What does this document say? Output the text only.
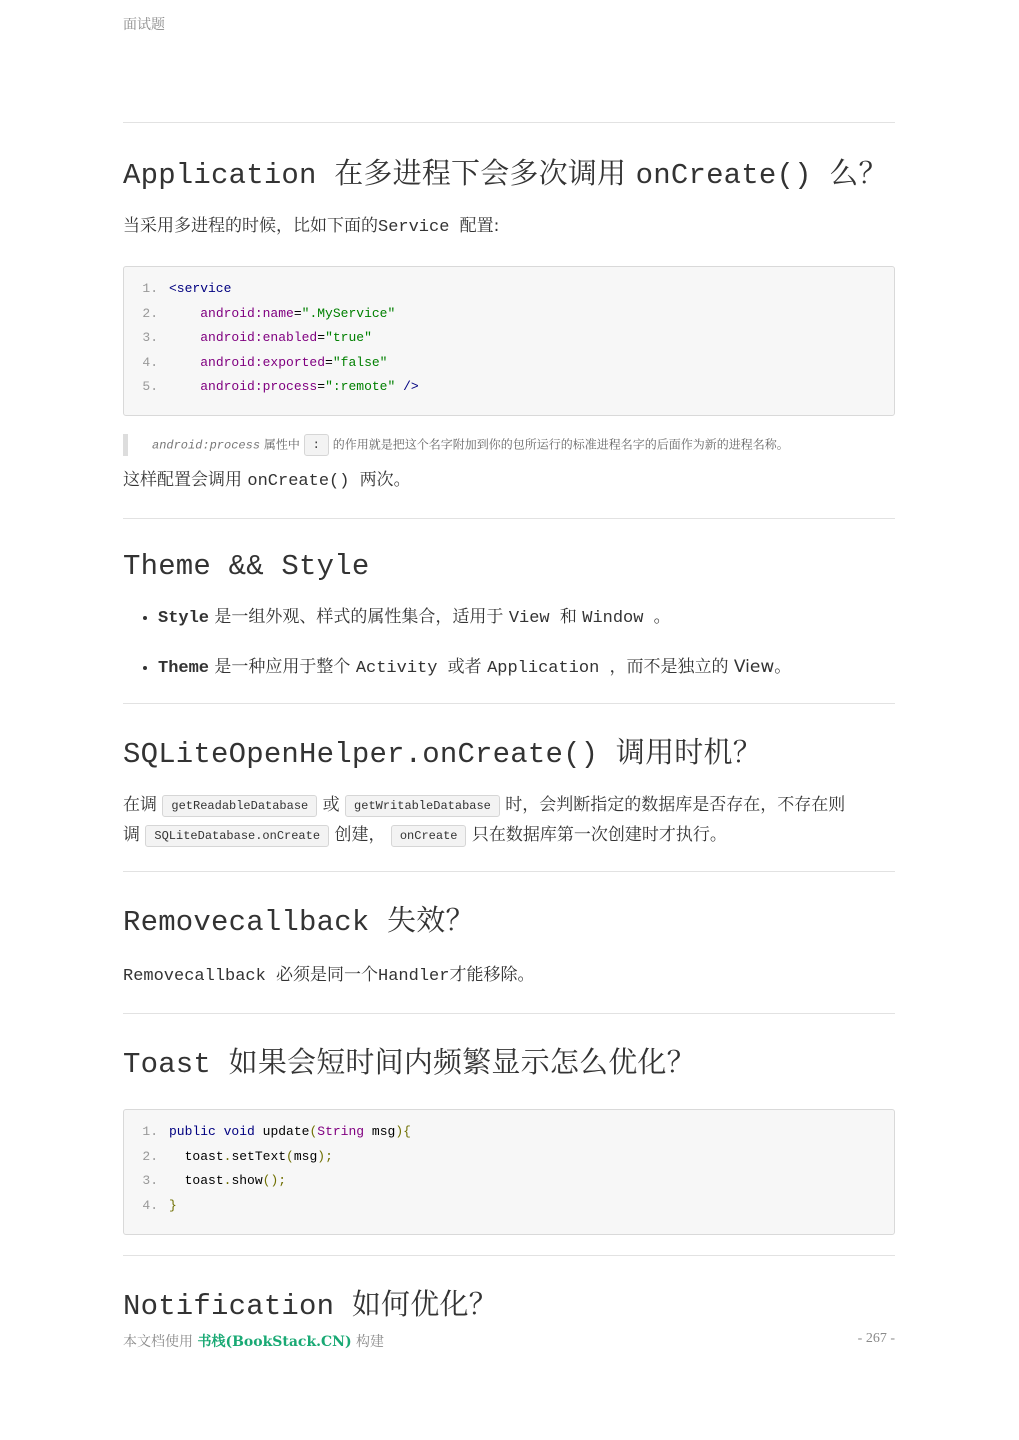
面试题
Application 在多进程下会多次调用 onCreate() 么？

当采用多进程的时候，比如下面的Service 配置:

1. <service
2.	android:name=".MyService"
3.	android:enabled="true"
4.	android:exported="false"
5.	android:process=":remote" />
android:process 属性中 : 的作用就是把这个名字附加到你的包所运行的标准进程名字的后面作为新的进程名称。

这样配置会调用 onCreate() 两次。

Theme && Style
• Style 是一组外观、样式的属性集合，适用于 View 和 Window 。
• Theme 是一种应用于整个 Activity 或者 Application ，而不是独立的 View。
SQLiteOpenHelper.onCreate() 调用时机？

在调 getReadableDatabase 或 getWritableDatabase 时，会判断指定的数据库是否存在，不存在则
调 SQLiteDatabase.onCreate 创建， onCreate 只在数据库第一次创建时才执行。

Removecallback 失效？

Removecallback 必须是同一个Handler才能移除。

Toast 如果会短时间内频繁显示怎么优化？
1. public void update(String msg){
2. toast.setText(msg);
3. toast.show();
4. }
Notification 如何优化？
本文档使用 书栈(BookStack.CN) 构建	- 267 -
